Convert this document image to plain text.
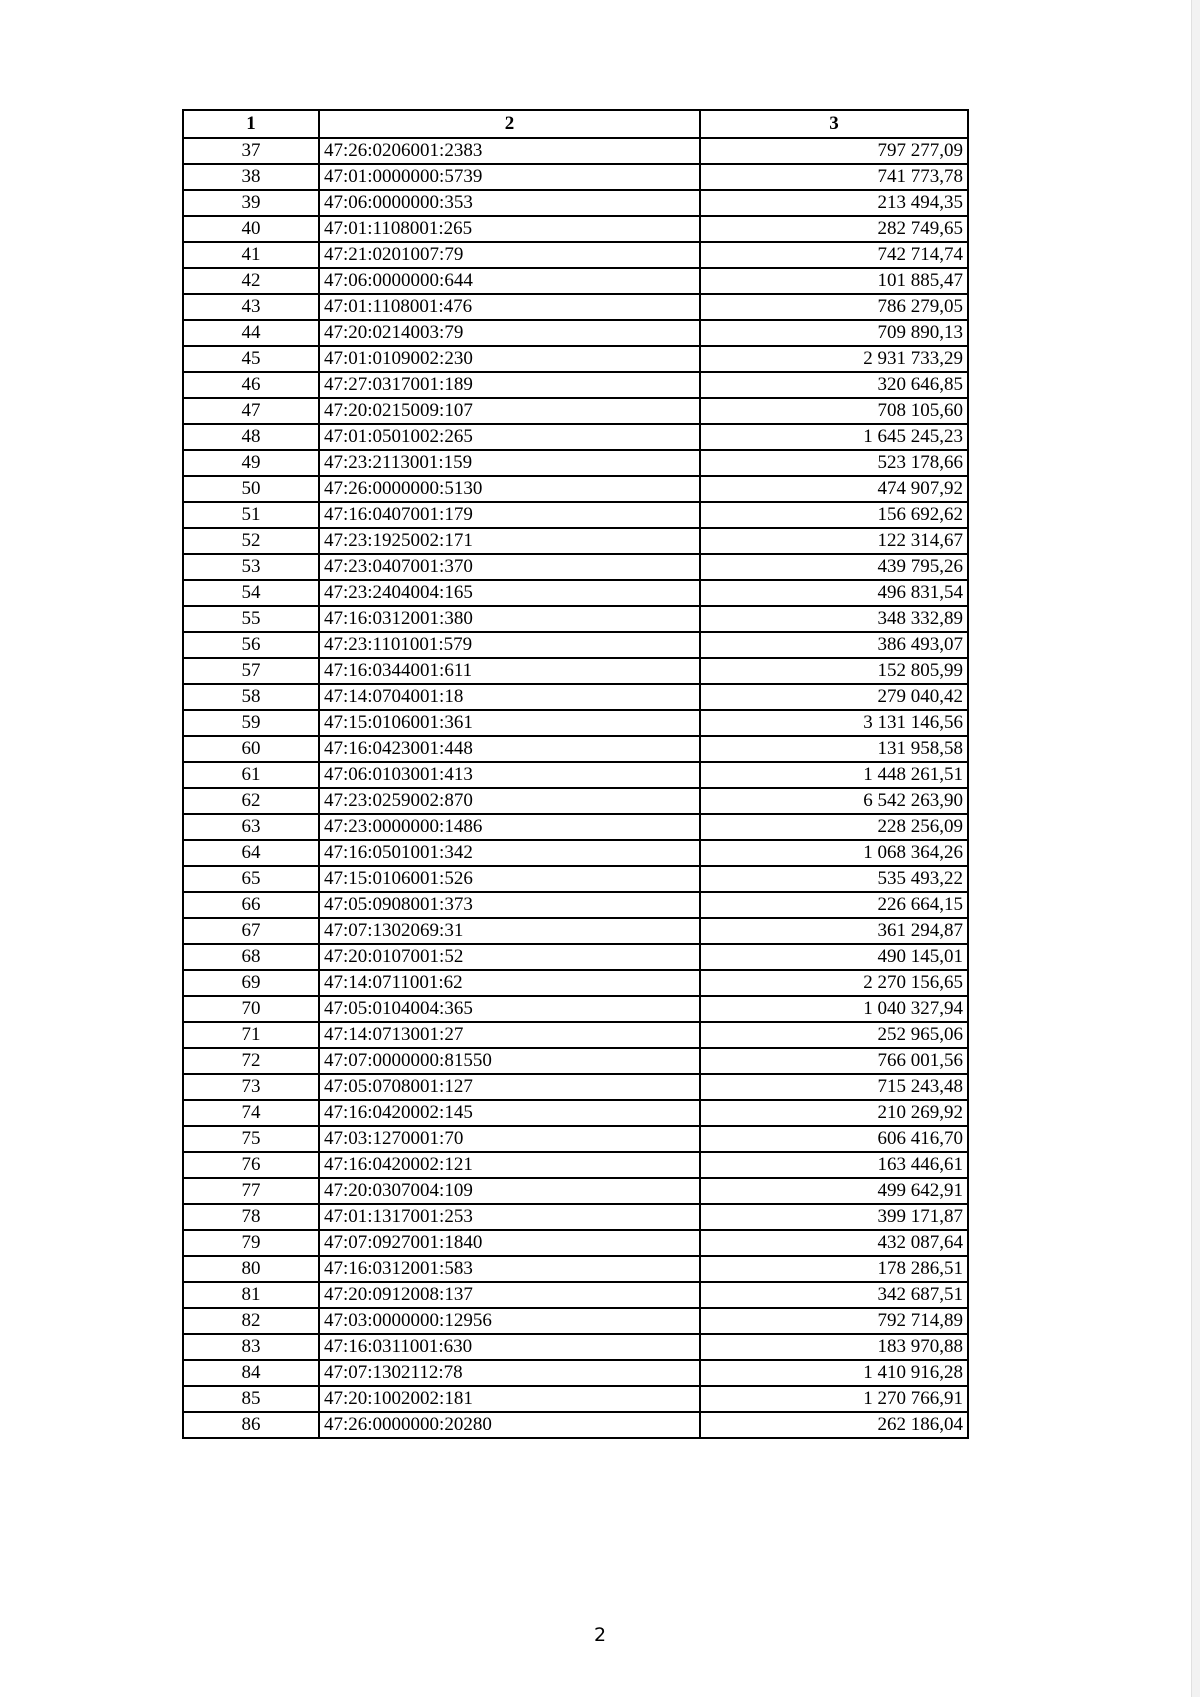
1	2	3
37	47:26:0206001:2383	797 277,09
38	47:01:0000000:5739	741 773,78
39	47:06:0000000:353	213 494,35
40	47:01:1108001:265	282 749,65
41	47:21:0201007:79	742 714,74
42	47:06:0000000:644	101 885,47
43	47:01:1108001:476	786 279,05
44	47:20:0214003:79	709 890,13
45	47:01:0109002:230	2 931 733,29
46	47:27:0317001:189	320 646,85
47	47:20:0215009:107	708 105,60
48	47:01:0501002:265	1 645 245,23
49	47:23:2113001:159	523 178,66
50	47:26:0000000:5130	474 907,92
51	47:16:0407001:179	156 692,62
52	47:23:1925002:171	122 314,67
53	47:23:0407001:370	439 795,26
54	47:23:2404004:165	496 831,54
55	47:16:0312001:380	348 332,89
56	47:23:1101001:579	386 493,07
57	47:16:0344001:611	152 805,99
58	47:14:0704001:18	279 040,42
59	47:15:0106001:361	3 131 146,56
60	47:16:0423001:448	131 958,58
61	47:06:0103001:413	1 448 261,51
62	47:23:0259002:870	6 542 263,90
63	47:23:0000000:1486	228 256,09
64	47:16:0501001:342	1 068 364,26
65	47:15:0106001:526	535 493,22
66	47:05:0908001:373	226 664,15
67	47:07:1302069:31	361 294,87
68	47:20:0107001:52	490 145,01
69	47:14:0711001:62	2 270 156,65
70	47:05:0104004:365	1 040 327,94
71	47:14:0713001:27	252 965,06
72	47:07:0000000:81550	766 001,56
73	47:05:0708001:127	715 243,48
74	47:16:0420002:145	210 269,92
75	47:03:1270001:70	606 416,70
76	47:16:0420002:121	163 446,61
77	47:20:0307004:109	499 642,91
78	47:01:1317001:253	399 171,87
79	47:07:0927001:1840	432 087,64
80	47:16:0312001:583	178 286,51
81	47:20:0912008:137	342 687,51
82	47:03:0000000:12956	792 714,89
83	47:16:0311001:630	183 970,88
84	47:07:1302112:78	1 410 916,28
85	47:20:1002002:181	1 270 766,91
86	47:26:0000000:20280	262 186,04
2
